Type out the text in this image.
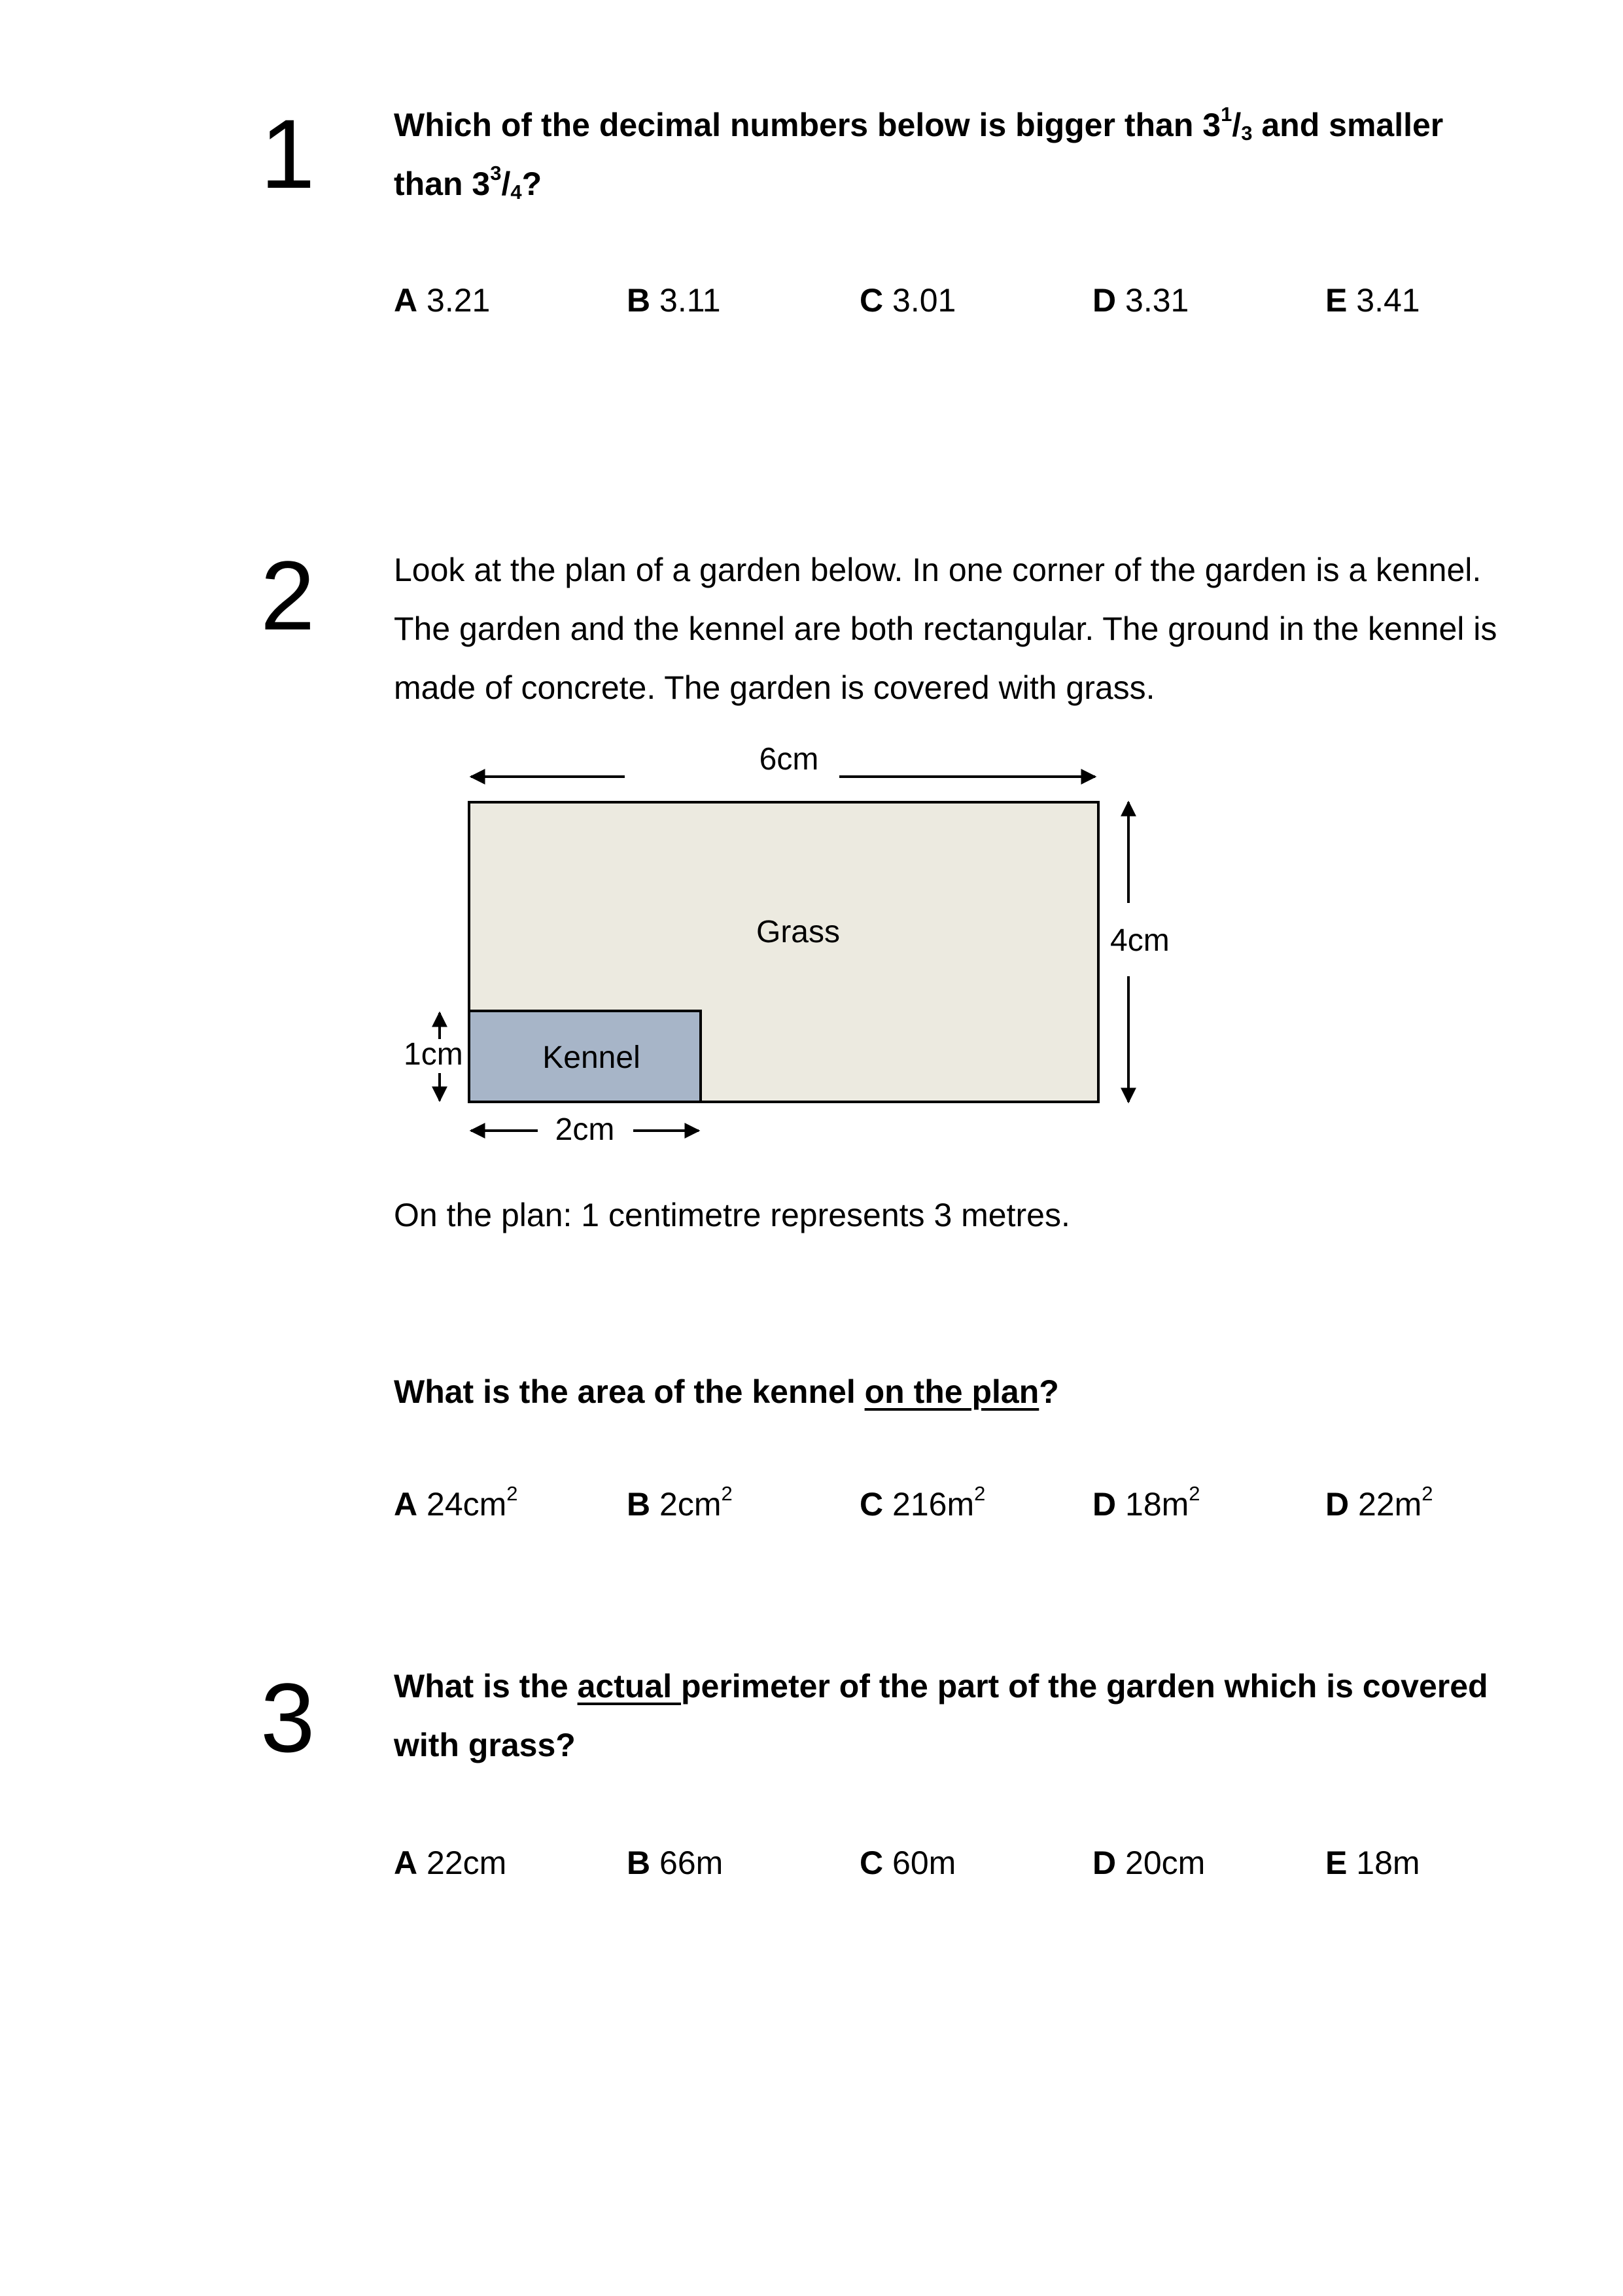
1 Which of the decimal numbers below is bigger than $3^1/_3$ and smaller than $3^3/_4$?
A 3.21	B 3.11	C 3.01	D 3.31	E 3.41
2 Look at the plan of a garden below. In one corner of the garden is a kennel. The garden and the kennel are both rectangular. The ground in the kennel is made of concrete. The garden is covered with grass.
Grass
Kennel
6cm
4cm
1cm
2cm
On the plan: 1 centimetre represents 3 metres.
What is the area of the kennel on the plan?
A $24cm^2$	B $2cm^2$	C $216m^2$	D $18m^2$	D $22m^2$
3 What is the actual perimeter of the part of the garden which is covered with grass?
A 22cm	B 66m	C 60m	D 20cm	E 18m
